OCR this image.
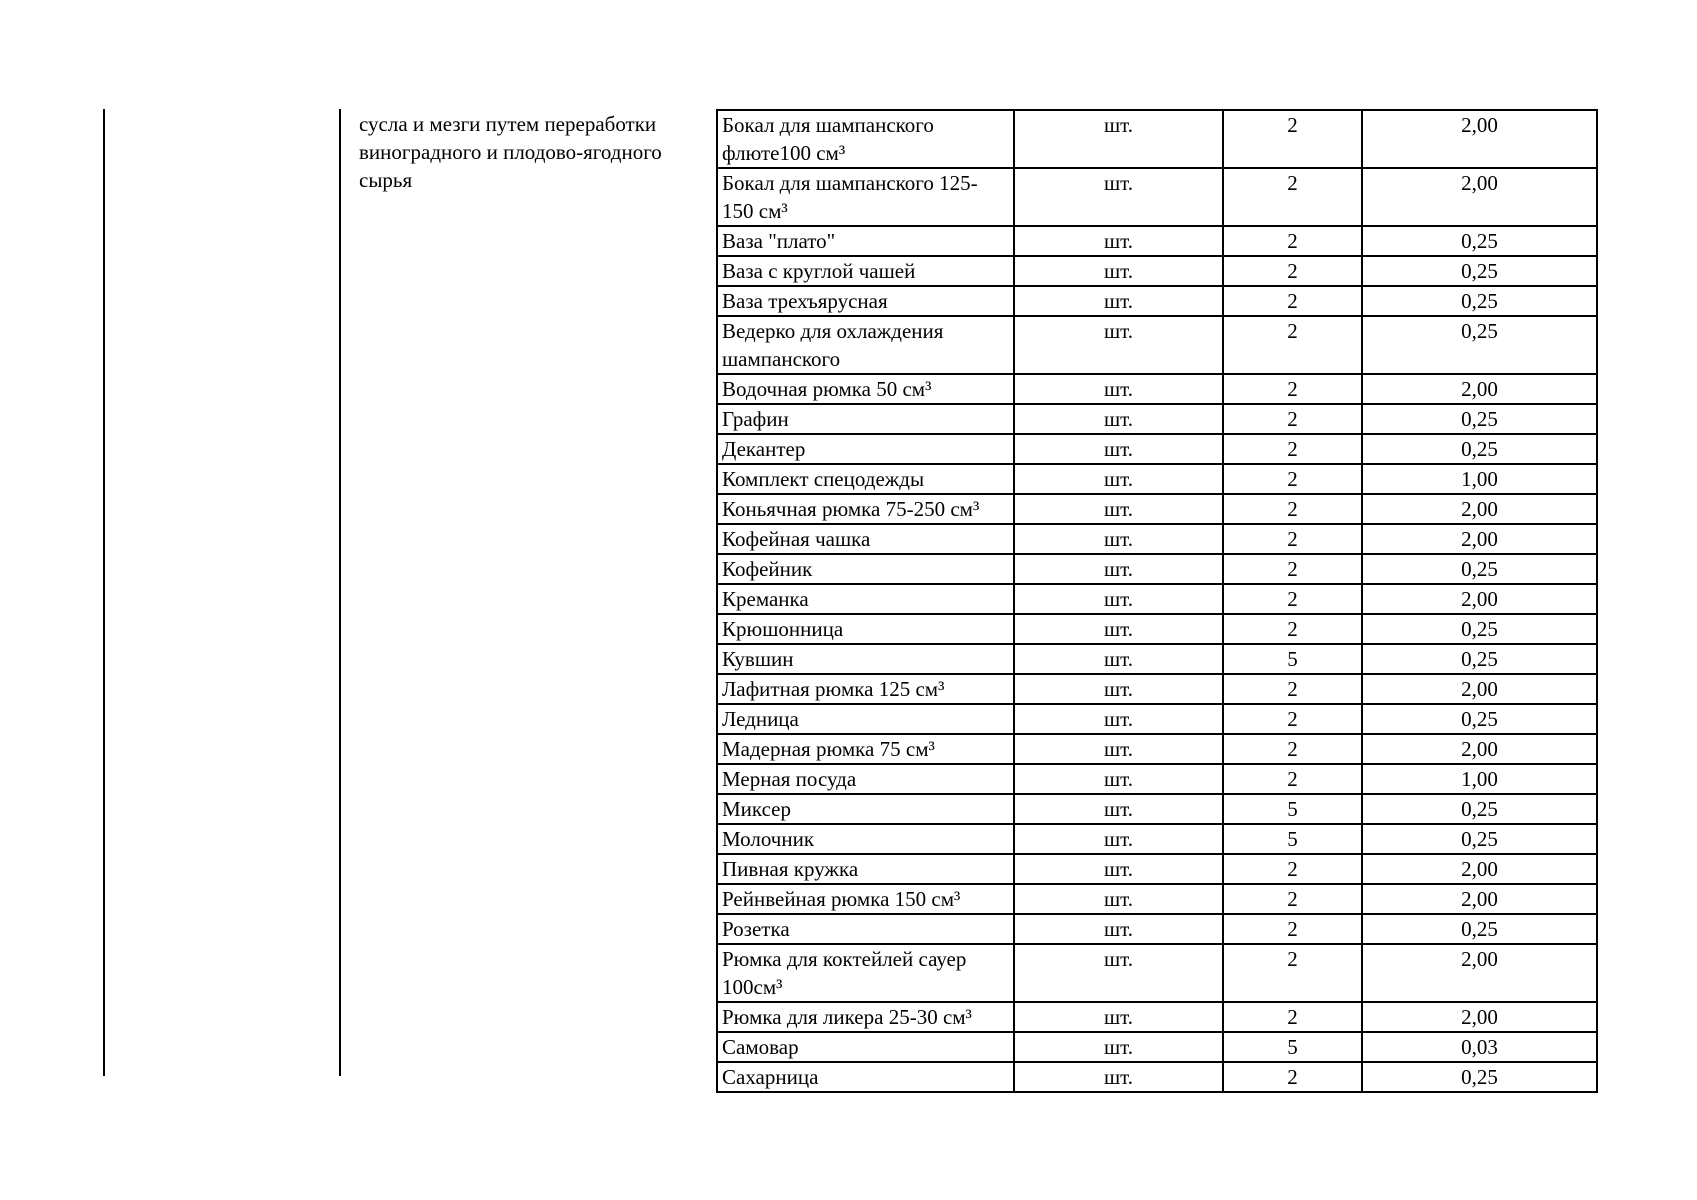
сусла и мезги путем переработки виноградного и плодово-ягодного сырья
Бокал для шампанского флюте100 см³	шт.	2	2,00
Бокал для шампанского 125-150 см³	шт.	2	2,00
Ваза "плато"	шт.	2	0,25
Ваза с круглой чашей	шт.	2	0,25
Ваза трехъярусная	шт.	2	0,25
Ведерко для охлаждения шампанского	шт.	2	0,25
Водочная рюмка 50 см³	шт.	2	2,00
Графин	шт.	2	0,25
Декантер	шт.	2	0,25
Комплект спецодежды	шт.	2	1,00
Коньячная рюмка 75-250 см³	шт.	2	2,00
Кофейная чашка	шт.	2	2,00
Кофейник	шт.	2	0,25
Креманка	шт.	2	2,00
Крюшонница	шт.	2	0,25
Кувшин	шт.	5	0,25
Лафитная рюмка 125 см³	шт.	2	2,00
Ледница	шт.	2	0,25
Мадерная рюмка 75 см³	шт.	2	2,00
Мерная посуда	шт.	2	1,00
Миксер	шт.	5	0,25
Молочник	шт.	5	0,25
Пивная кружка	шт.	2	2,00
Рейнвейная рюмка 150 см³	шт.	2	2,00
Розетка	шт.	2	0,25
Рюмка для коктейлей сауер 100см³	шт.	2	2,00
Рюмка для ликера 25-30 см³	шт.	2	2,00
Самовар	шт.	5	0,03
Сахарница	шт.	2	0,25
